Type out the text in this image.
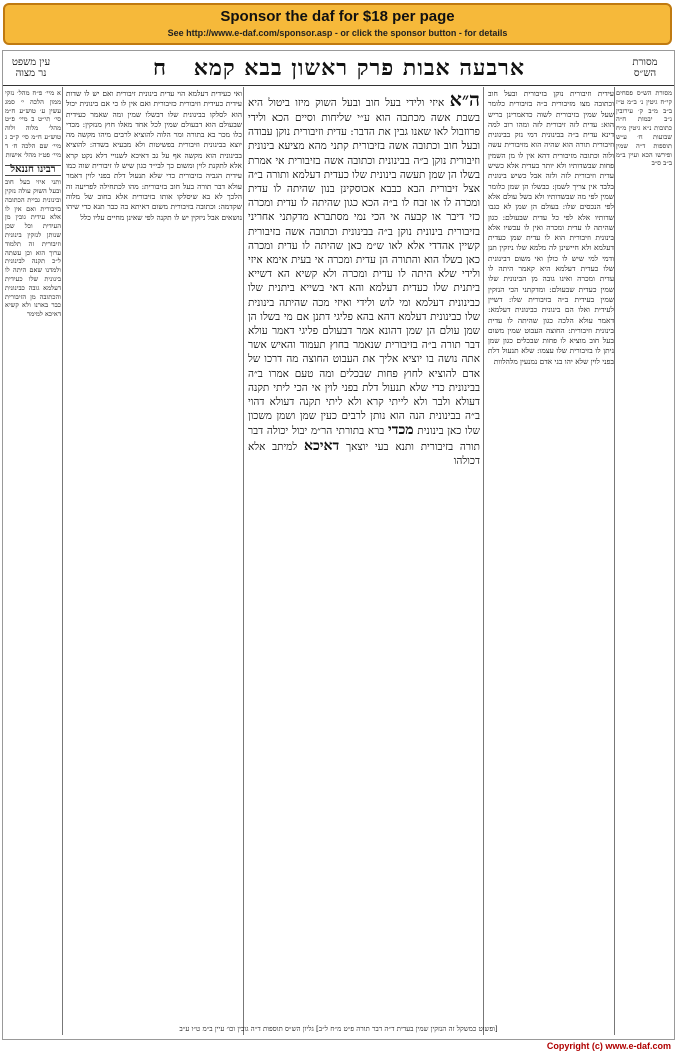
Sponsor the daf for $18 per page
See http://www.e-daf.com/sponsor.asp - or click the sponsor button - for details
מסורת הש״ס
ארבעה אבות פרק ראשון בבא קמא ח
עין משפט נר מצוה
מסורת הש״ס פסחים קי״ח גיטין נ׳ ב״מ ט״ז ב״ב מ״ב ק׳ עירובין נ״ב יבמות ח״ה כתובות נ״א גיטין מ״ח שבועות ח׳ ע״ש תוספות ד״ה שמין ופירשו הכא ועיין ב״מ ב״ב ס״ב
עידית וזיבורית נוקן בזיבורית ובעל חוב וכתובה מצו מזיבורית ב״ה בזיבורית כלומר שעל שמין בזיבורית לשוה כדאמרינן בריש הוא: עדית לזה זיבורית לזה ומהו רוב למה דינא עדית ב״ה בבינונית דמי נזק בבינונית וזיבורית תורה הוא שהיה הוא מזיבורית עשה ולוה וכתובה מזיבורית דהא אין לו מן השמין פחות שבשדותיו ולא יותר בעדית אלא כשיש עדית וזיבורית לזה ולזה אבל כשיש בינונית בלבד אין צריך לשמן: כבשלו הן שמן כלומר שמין לפי מה שבשדותיו ולא בשל עולם אלא לפי הנכסים שלו: בעולם הן שמן לא כגבו שדותיו אלא לפי כל עדית שבעולם: כגון שהיתה לו עדית ומכרה ואין לו עכשיו אלא בינונית וזיבורית הוא לו עדית שמן כעדית דעלמא ולא חיישינן לה מלמא שלו ניזקין תנן ודמי למי שיש לו כולן ואי משום דבינונית שלו כעדית דעלמא היא קאמר היתה לו עדית ומכרה ואינו גובה מן הבינונית שלו שמין כעדית שבעולם: ומדקתני הכי הנזקין שמין בעידית ב״ה בזיבורית שלו: דשיין לעידית ואלו הם בינונית כבינונית דעלמא: דאמר עולא הלכה כגון שהיתה לו עדית בינונית וזיבורית: החוצה העבוט שמין משום בעל חוב מוציא לו פחות שבכלים כגון שמן ניתן לו בזיבורית שלו עצמו: שלא תנעול דלת בפני לוין שלא יהו בני אדם נמנעין מלהלוות
ה״א איזי ולידי בעל חוב ובעל השוק מיזו ביטול היא בשבת אשה מכתבה הוא ע״י שליחות וסיים הכא ולידי פרוזבול לאו שאנו גבין את הדבר: עדית וזיבורית נוקן עבודה ובעל חוב וכתובה אשה בזיבורית קתני מהא מציעא בינונית וזיבורית נוקן ב״ה בבינונית וכתובה אשה בזיבורית אי אמרת בשלו הן שמן תעשה בינונית שלו כעדית דעלמא ותורה ב״ה אצל זיבורית הבא כבבא אכוסקינן בנון שהיתה לו עדית ומכרה לו או זבח לו ב״ה הכא כגון שהיתה לו עדית ומכרה כזי דיבר או קבעה אי הכי נמי מסתברא מדקתני אחריני בזיבורית בינונית נוקן ב״ה בבינונית וכתובה אשה בזיבורית קשיין אהדדי אלא לאו ש״מ כאן שהיתה לו עדית ומכרה כאן בשלו הוא והתורה הן עדית ומכרה אי בעית אימא איזי ולידי שלא היתה לו עדית ומכרה ולא קשיא הא דשייא ביתנית שלו כעדית דעלמא והא דאי בשייא ביתנית שלו כבינונית דעלמא ומי לוש ולידי ואיזי מכה שהיתה בינונית שלו כבינונית דעלמא דהא בהא פליגי דתנן אם מי בשלו הן שמן עולם הן שמן דהונא אמר דבעולם פליגי דאמר עולא דבר תורה ב״ה בזיבורית שנאמר בחוץ תעמוד והאיש אשר אתה נושה בו יוציא אליך את העבוט החוצה מה דרכו של אדם להוציא לחוץ פחות שבכלים ומה טעם אמרו ב״ה בבינונית כדי שלא תנעול דלת בפני לוין אי הכי ליתי תקנה דעולא ולבר ולא לייתי קרא ולא ליתי תקנה דעולא דהוי ב״ה בבינונית הנה הוא נותן לרבים כעין שמן ושמן משכון שלו כאן בינונית מכדי ברא בתורתי הר״מ יבול יכולה דבר תורה בזיבורית ותנא בעי יוצאך דאיכא למיתב אלא דכולהו
ואי כעידית דעלמא הוי עדית בינונית זיבורית ואם יש לו שדות עידית כעידית וזיבורית כזיבורית ואם אין לו כי אם בינונית יכול הוא לסלקו בבינונית שלו דבשלו שמין ומה שאמר כעידית שבעולם הוא דבעולם שמין לכל אחד מאלו חוץ מנזקין: מכדי כלו מכר בא בתורה ומר הלוה להוציא לרבים מיהו מקשה מה יוצא בבינונית וזיבורית בפשיטות ולא מבעיא בשדה: להוציא בבינונית הוא מקשה אף על גב דאיכא לשנויי דלא נקט קרא אלא לתקנת לוין ומשום כך לבי״ד כגון שיש לו זיבורית שוה כמו עידית הגביה בזיבורית כדי שלא תנעול דלת בפני לוין דאמר עולא דבר תורה בעל חוב בזיבורית: מהו לכתחילה לפריעה זה הלכך לא בא שיסלקו אותו בזיבורית אלא בחוב של מלוה שקדמה: וכתובה בזיבורית משום דאיתא בה כבר תנא כדי שיהו נושאים אבל ניזקין יש לו תקנה לפי שאינן מחיים עליו כלל
א מיי׳ פ״ח מהל׳ נזקי ממון הלכה י׳ סמג עשין ע׳ טוש״ע ח״מ סי׳ תי״ט ב מיי׳ פ״ט מהל׳ מלוה ולוה טוש״ע ח״מ סי׳ ק״ב ג מיי׳ שם הלכה ח׳ ד מיי׳ פט״ז מהל׳ אישות
רבינו חננאל
ותני איזי בעל חוב ובעל השוק עולה נזקין ובינונית גביית הכתובה בזיבורית ואם אין לו אלא עידית גובין מן העידית וכל שכן שנותן לנזקין בינונית וזיבורית זה תלמוד ערוך הוא וכן עשתה ל״כ תקנה לבינונית ולמדנו שאם היתה לו בינונית שלו כעידית דעלמא גובה כבינונית והכתובה מן הזיבורית כבר בארנו ולא קשיא דאיכא למימר
[ופשוט כמשקל זה הנזקין שמין בעדית ד״ה דבר תורה פ״ט מ״ח ל״ב] גליון הש״ס תוספות ד״ה גובין וכו׳ עיין ב״מ ט״ו ע״ב
Copyright (c) www.e-daf.com
